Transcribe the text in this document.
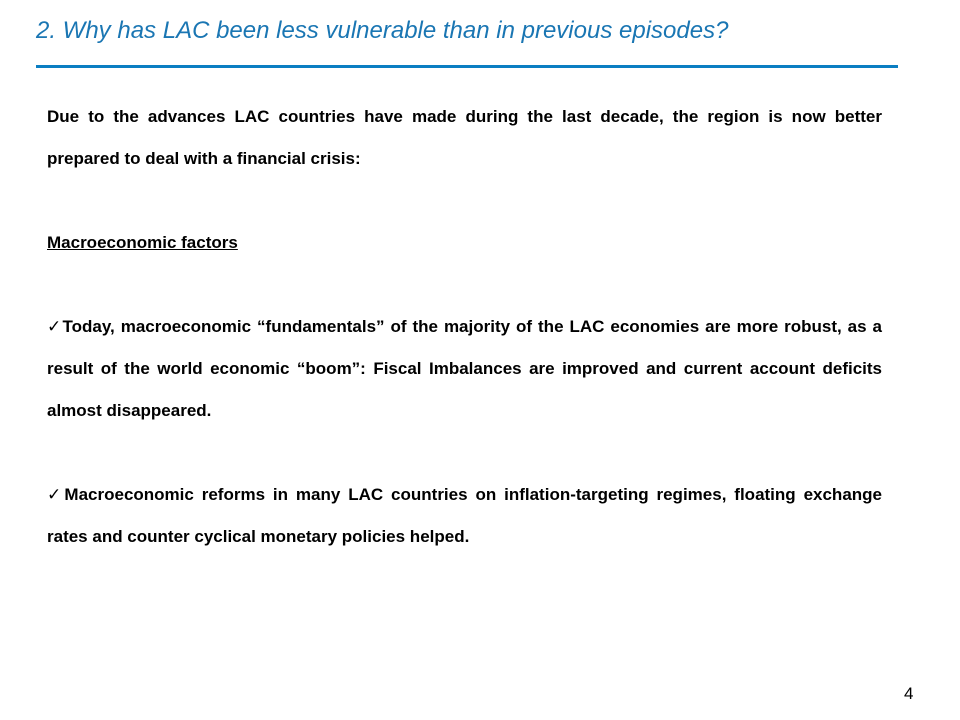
2. Why has LAC been less vulnerable than in previous episodes?

Due to the advances LAC countries have made during the last decade, the region is now better prepared to deal with a financial crisis:

Macroeconomic factors

✓Today, macroeconomic “fundamentals” of the majority of the LAC economies are more robust, as a result of the world economic “boom”: Fiscal Imbalances are improved and current account deficits almost disappeared.

✓Macroeconomic reforms in many LAC countries on inflation-targeting regimes, floating exchange rates and counter cyclical monetary policies helped.

4
